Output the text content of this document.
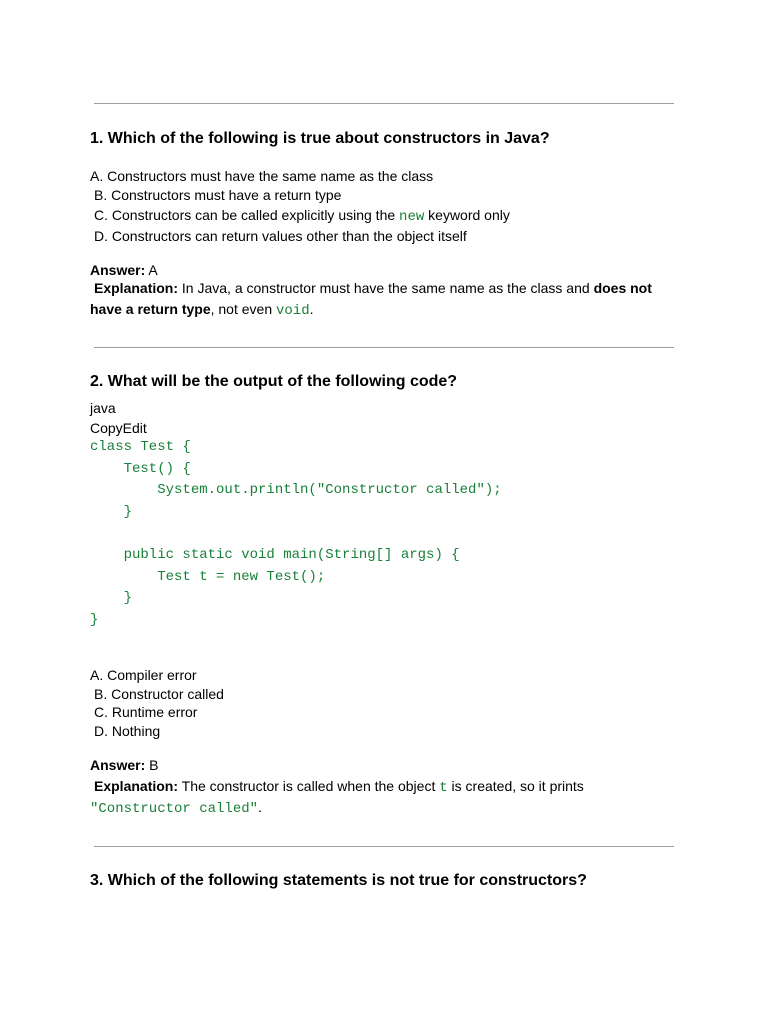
1. Which of the following is true about constructors in Java?
A. Constructors must have the same name as the class
B. Constructors must have a return type
C. Constructors can be called explicitly using the new keyword only
D. Constructors can return values other than the object itself
Answer: A
Explanation: In Java, a constructor must have the same name as the class and does not
have a return type, not even void.
2. What will be the output of the following code?
java
CopyEdit
class Test {
Test() {
System.out.println("Constructor called");
}

public static void main(String[] args) {
Test t = new Test();
}
}
A. Compiler error
B. Constructor called
C. Runtime error
D. Nothing
Answer: B
Explanation: The constructor is called when the object t is created, so it prints
"Constructor called".
3. Which of the following statements is not true for constructors?
